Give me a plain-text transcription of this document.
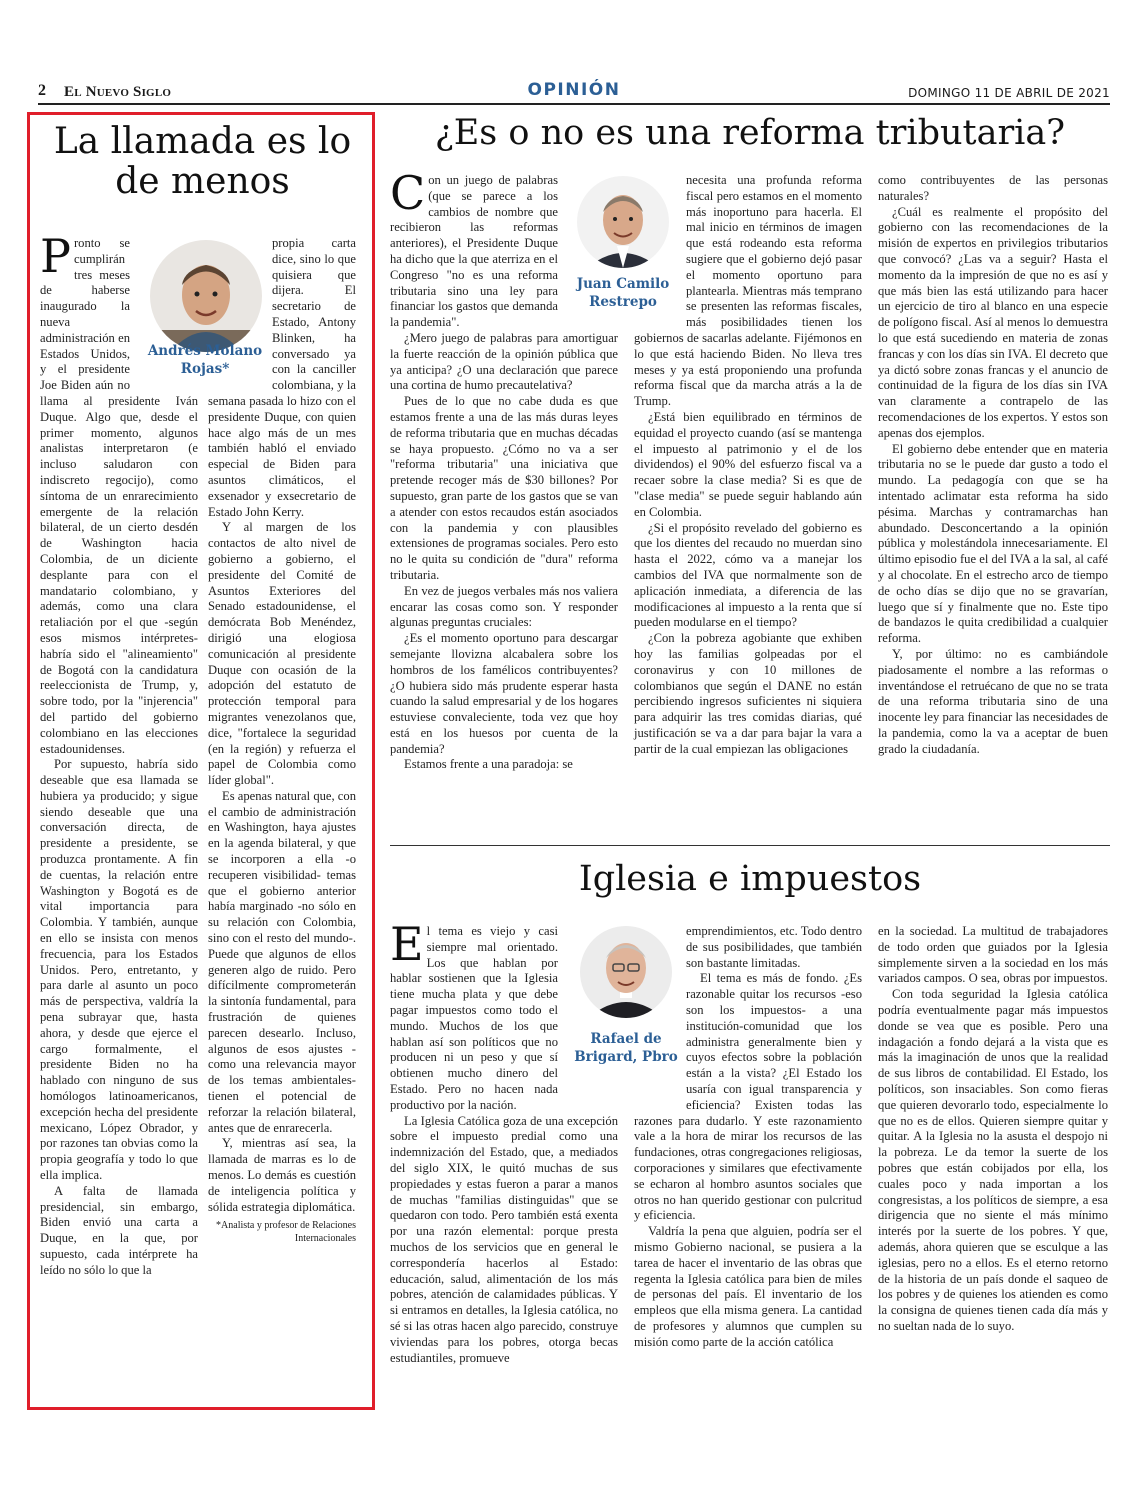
2 El Nuevo Siglo	OPINIÓN	DOMINGO 11 DE ABRIL DE 2021
La llamada es lo de menos
Andrés Molano Rojas*

Pronto se cumplirán tres meses de haberse inaugurado la nueva administración en Estados Unidos, y el presidente Joe Biden aún no llama al presidente Iván Duque. Algo que, desde el primer momento, algunos analistas interpretaron (e incluso saludaron con indiscreto regocijo), como síntoma de un enrarecimiento emergente de la relación bilateral, de un cierto desdén de Washington hacia Colombia, de un diciente desplante para con el mandatario colombiano, y además, como una clara retaliación por el que -según esos mismos intérpretes- habría sido el "alineamiento" de Bogotá con la candidatura reeleccionista de Trump, y, sobre todo, por la "injerencia" del partido del gobierno colombiano en las elecciones estadounidenses.

Por supuesto, habría sido deseable que esa llamada se hubiera ya producido; y sigue siendo deseable que una conversación directa, de presidente a presidente, se produzca prontamente. A fin de cuentas, la relación entre Washington y Bogotá es de vital importancia para Colombia. Y también, aunque en ello se insista con menos frecuencia, para los Estados Unidos. Pero, entretanto, y para darle al asunto un poco más de perspectiva, valdría la pena subrayar que, hasta ahora, y desde que ejerce el cargo formalmente, el presidente Biden no ha hablado con ninguno de sus homólogos latinoamericanos, excepción hecha del presidente mexicano, López Obrador, y por razones tan obvias como la propia geografía y todo lo que ella implica.

A falta de llamada presidencial, sin embargo, Biden envió una carta a Duque, en la que, por supuesto, cada intérprete ha leído no sólo lo que la

propia carta dice, sino lo que quisiera que dijera. El secretario de Estado, Antony Blinken, ha conversado ya con la canciller colombiana, y la semana pasada lo hizo con el presidente Duque, con quien hace algo más de un mes también habló el enviado especial de Biden para asuntos climáticos, el exsenador y exsecretario de Estado John Kerry.

Y al margen de los contactos de alto nivel de gobierno a gobierno, el presidente del Comité de Asuntos Exteriores del Senado estadounidense, el demócrata Bob Menéndez, dirigió una elogiosa comunicación al presidente Duque con ocasión de la adopción del estatuto de protección temporal para migrantes venezolanos que, dice, "fortalece la seguridad (en la región) y refuerza el papel de Colombia como líder global".

Es apenas natural que, con el cambio de administración en Washington, haya ajustes en la agenda bilateral, y que se incorporen a ella -o recuperen visibilidad- temas que el gobierno anterior había marginado -no sólo en su relación con Colombia, sino con el resto del mundo-. Puede que algunos de ellos generen algo de ruido. Pero difícilmente comprometerán la sintonía fundamental, para frustración de quienes parecen desearlo. Incluso, algunos de esos ajustes -como una relevancia mayor de los temas ambientales- tienen el potencial de reforzar la relación bilateral, antes que de enrarecerla.

Y, mientras así sea, la llamada de marras es lo de menos. Lo demás es cuestión de inteligencia política y sólida estrategia diplomática.

*Analista y profesor de Relaciones Internacionales
¿Es o no es una reforma tributaria?
Juan Camilo Restrepo

Con un juego de palabras (que se parece a los cambios de nombre que recibieron las reformas anteriores), el Presidente Duque ha dicho que la que aterriza en el Congreso "no es una reforma tributaria sino una ley para financiar los gastos que demanda la pandemia".

¿Mero juego de palabras para amortiguar la fuerte reacción de la opinión pública que ya anticipa? ¿O una declaración que parece una cortina de humo precautelativa?

Pues de lo que no cabe duda es que estamos frente a una de las más duras leyes de reforma tributaria que en muchas décadas se haya propuesto. ¿Cómo no va a ser "reforma tributaria" una iniciativa que pretende recoger más de $30 billones? Por supuesto, gran parte de los gastos que se van a atender con estos recaudos están asociados con la pandemia y con plausibles extensiones de programas sociales. Pero esto no le quita su condición de "dura" reforma tributaria.

En vez de juegos verbales más nos valiera encarar las cosas como son. Y responder algunas preguntas cruciales:

¿Es el momento oportuno para descargar semejante llovizna alcabalera sobre los hombros de los famélicos contribuyentes? ¿O hubiera sido más prudente esperar hasta cuando la salud empresarial y de los hogares estuviese convaleciente, toda vez que hoy está en los huesos por cuenta de la pandemia?

Estamos frente a una paradoja: se

necesita una profunda reforma fiscal pero estamos en el momento más inoportuno para hacerla. El mal inicio en términos de imagen que está rodeando esta reforma sugiere que el gobierno dejó pasar el momento oportuno para plantearla. Mientras más temprano se presenten las reformas fiscales, más posibilidades tienen los gobiernos de sacarlas adelante. Fijémonos en lo que está haciendo Biden. No lleva tres meses y ya está proponiendo una profunda reforma fiscal que da marcha atrás a la de Trump.

¿Está bien equilibrado en términos de equidad el proyecto cuando (así se mantenga el impuesto al patrimonio y el de los dividendos) el 90% del esfuerzo fiscal va a recaer sobre la clase media? Si es que de "clase media" se puede seguir hablando aún en Colombia.

¿Si el propósito revelado del gobierno es que los dientes del recaudo no muerdan sino hasta el 2022, cómo va a manejar los cambios del IVA que normalmente son de aplicación inmediata, a diferencia de las modificaciones al impuesto a la renta que sí pueden modularse en el tiempo?

¿Con la pobreza agobiante que exhiben hoy las familias golpeadas por el coronavirus y con 10 millones de colombianos que según el DANE no están percibiendo ingresos suficientes ni siquiera para adquirir las tres comidas diarias, qué justificación se va a dar para bajar la vara a partir de la cual empiezan las obligaciones

como contribuyentes de las personas naturales?

¿Cuál es realmente el propósito del gobierno con las recomendaciones de la misión de expertos en privilegios tributarios que convocó? ¿Las va a seguir? Hasta el momento da la impresión de que no es así y que más bien las está utilizando para hacer un ejercicio de tiro al blanco en una especie de polígono fiscal. Así al menos lo demuestra lo que está sucediendo en materia de zonas francas y con los días sin IVA. El decreto que ya dictó sobre zonas francas y el anuncio de continuidad de la figura de los días sin IVA van claramente a contrapelo de las recomendaciones de los expertos. Y estos son apenas dos ejemplos.

El gobierno debe entender que en materia tributaria no se le puede dar gusto a todo el mundo. La pedagogía con que se ha intentado aclimatar esta reforma ha sido pésima. Marchas y contramarchas han abundado. Desconcertando a la opinión pública y molestándola innecesariamente. El último episodio fue el del IVA a la sal, al café y al chocolate. En el estrecho arco de tiempo de ocho días se dijo que no se gravarían, luego que sí y finalmente que no. Este tipo de bandazos le quita credibilidad a cualquier reforma.

Y, por último: no es cambiándole piadosamente el nombre a las reformas o inventándose el retruécano de que no se trata de una reforma tributaria sino de una inocente ley para financiar las necesidades de la pandemia, como la va a aceptar de buen grado la ciudadanía.

Iglesia e impuestos
Rafael de Brigard, Pbro

El tema es viejo y casi siempre mal orientado. Los que hablan por hablar sostienen que la Iglesia tiene mucha plata y que debe pagar impuestos como todo el mundo. Muchos de los que hablan así son políticos que no producen ni un peso y que sí obtienen mucho dinero del Estado. Pero no hacen nada productivo por la nación.

La Iglesia Católica goza de una excepción sobre el impuesto predial como una indemnización del Estado, que, a mediados del siglo XIX, le quitó muchas de sus propiedades y estas fueron a parar a manos de muchas "familias distinguidas" que se quedaron con todo. Pero también está exenta por una razón elemental: porque presta muchos de los servicios que en general le correspondería hacerlos al Estado: educación, salud, alimentación de los más pobres, atención de calamidades públicas. Y si entramos en detalles, la Iglesia católica, no sé si las otras hacen algo parecido, construye viviendas para los pobres, otorga becas estudiantiles, promueve

emprendimientos, etc. Todo dentro de sus posibilidades, que también son bastante limitadas.

El tema es más de fondo. ¿Es razonable quitar los recursos -eso son los impuestos- a una institución-comunidad que los administra generalmente bien y cuyos efectos sobre la población están a la vista? ¿El Estado los usaría con igual transparencia y eficiencia? Existen todas las razones para dudarlo. Y este razonamiento vale a la hora de mirar los recursos de las fundaciones, otras congregaciones religiosas, corporaciones y similares que efectivamente se echaron al hombro asuntos sociales que otros no han querido gestionar con pulcritud y eficiencia.

Valdría la pena que alguien, podría ser el mismo Gobierno nacional, se pusiera a la tarea de hacer el inventario de las obras que regenta la Iglesia católica para bien de miles de personas del país. El inventario de los empleos que ella misma genera. La cantidad de profesores y alumnos que cumplen su misión como parte de la acción católica

en la sociedad. La multitud de trabajadores de todo orden que guiados por la Iglesia simplemente sirven a la sociedad en los más variados campos. O sea, obras por impuestos.

Con toda seguridad la Iglesia católica podría eventualmente pagar más impuestos donde se vea que es posible. Pero una indagación a fondo dejará a la vista que es más la imaginación de unos que la realidad de sus libros de contabilidad. El Estado, los políticos, son insaciables. Son como fieras que quieren devorarlo todo, especialmente lo que no es de ellos. Quieren siempre quitar y quitar. A la Iglesia no la asusta el despojo ni la pobreza. Le da temor la suerte de los pobres que están cobijados por ella, los cuales poco y nada importan a los congresistas, a los políticos de siempre, a esa dirigencia que no siente el más mínimo interés por la suerte de los pobres. Y que, además, ahora quieren que se esculque a las iglesias, pero no a ellos. Es el eterno retorno de la historia de un país donde el saqueo de los pobres y de quienes los atienden es como la consigna de quienes tienen cada día más y no sueltan nada de lo suyo.
